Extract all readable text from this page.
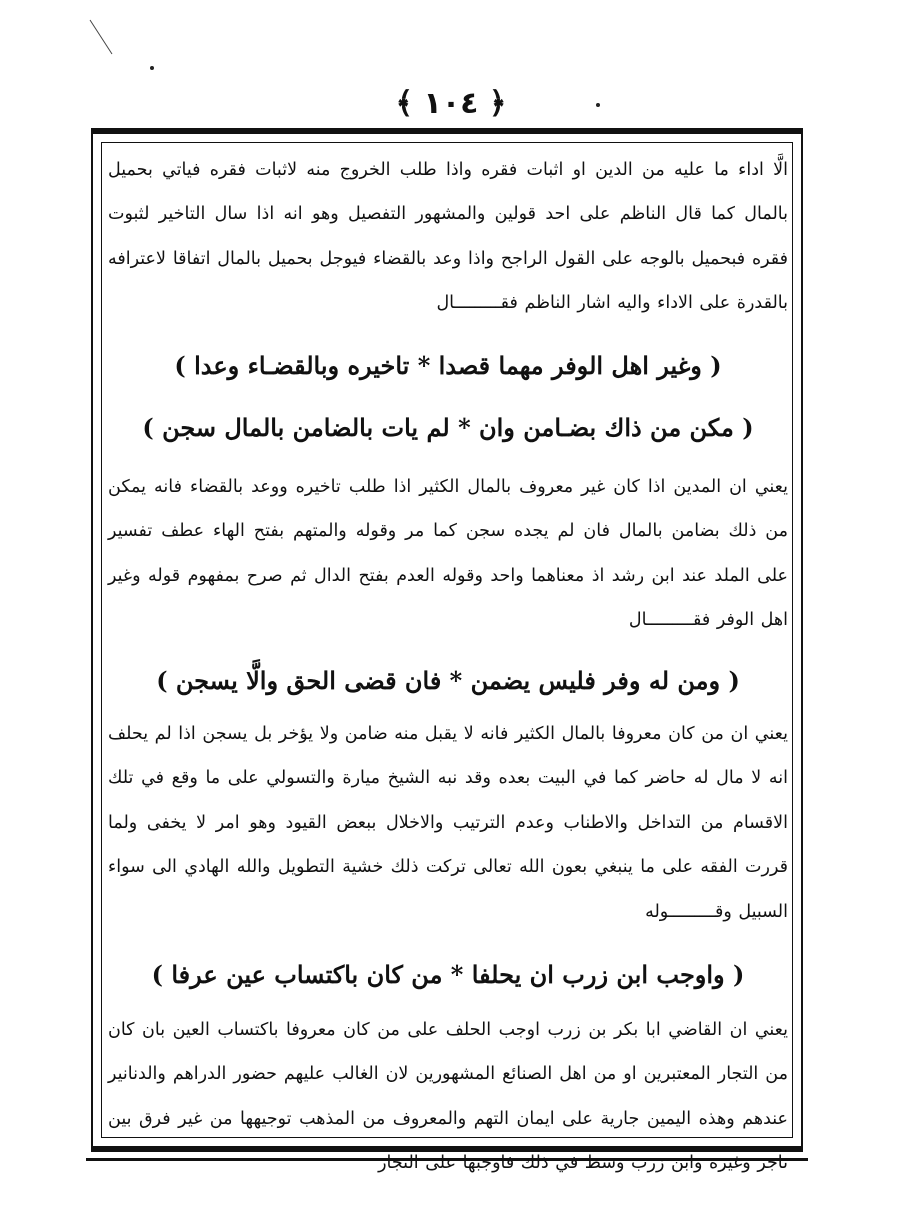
﴿ ١٠٤ ﴾

الَّا اداء ما عليه من الدين او اثبات فقره واذا طلب الخروج منه لاثبات فقره فياتي بحميل بالمال كما قال الناظم على احد قولين والمشهور التفصيل وهو انه اذا سال التاخير لثبوت فقره فبحميل بالوجه على القول الراجح واذا وعد بالقضاء فيوجل بحميل بالمال اتفاقا لاعترافه بالقدرة على الاداء واليه اشار الناظم فقـــــــــال

( وغير اهل الوفر مهما قصدا * تاخيره وبالقضـاء وعدا )

( مكن من ذاك بضـامن وان * لم يات بالضامن بالمال سجن )

يعني ان المدين اذا كان غير معروف بالمال الكثير اذا طلب تاخيره ووعد بالقضاء فانه يمكن من ذلك بضامن بالمال فان لم يجده سجن كما مر وقوله والمتهم بفتح الهاء عطف تفسير على الملد عند ابن رشد اذ معناهما واحد وقوله العدم بفتح الدال ثم صرح بمفهوم قوله وغير اهل الوفر فقـــــــــال

( ومن له وفر فليس يضمن * فان قضى الحق والَّا يسجن )

يعني ان من كان معروفا بالمال الكثير فانه لا يقبل منه ضامن ولا يؤخر بل يسجن اذا لم يحلف انه لا مال له حاضر كما في البيت بعده وقد نبه الشيخ ميارة والتسولي على ما وقع في تلك الاقسام من التداخل والاطناب وعدم الترتيب والاخلال ببعض القيود وهو امر لا يخفى ولما قررت الفقه على ما ينبغي بعون الله تعالى تركت ذلك خشية التطويل والله الهادي الى سواء السبيل وقـــــــــوله

( واوجب ابن زرب ان يحلفا * من كان باكتساب عين عرفا )

يعني ان القاضي ابا بكر بن زرب اوجب الحلف على من كان معروفا باكتساب العين بان كان من التجار المعتبرين او من اهل الصنائع المشهورين لان الغالب عليهم حضور الدراهم والدنانير عندهم وهذه اليمين جارية على ايمان التهم والمعروف من المذهب توجيهها من غير فرق بين تاجر وغيره وابن زرب وسط في ذلك فاوجبها على التجار
